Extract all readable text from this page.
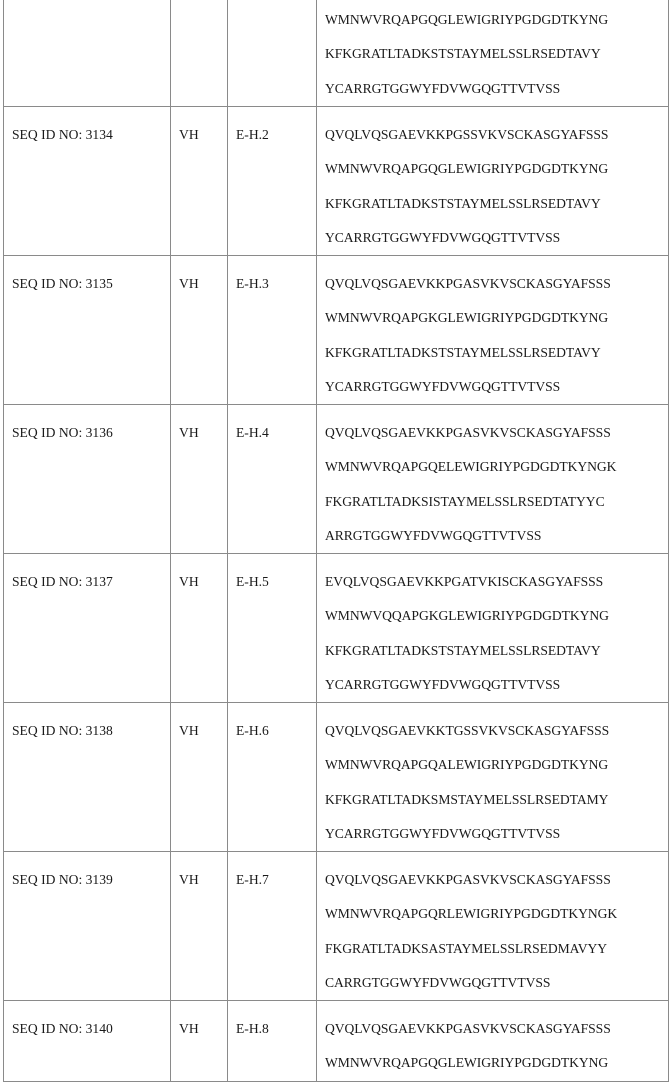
			WMNWVRQAPGQGLEWIGRIYPGDGDTKYNG
KFKGRATLTADKSTSTAYMELSSLRSEDTAVY
YCARRGTGGWYFDVWGQGTTVTVSS

SEQ ID NO: 3134	VH	E-H.2	QVQLVQSGAEVKKPGSSVKVSCKASGYAFSSS
WMNWVRQAPGQGLEWIGRIYPGDGDTKYNG
KFKGRATLTADKSTSTAYMELSSLRSEDTAVY
YCARRGTGGWYFDVWGQGTTVTVSS

SEQ ID NO: 3135	VH	E-H.3	QVQLVQSGAEVKKPGASVKVSCKASGYAFSSS
WMNWVRQAPGKGLEWIGRIYPGDGDTKYNG
KFKGRATLTADKSTSTAYMELSSLRSEDTAVY
YCARRGTGGWYFDVWGQGTTVTVSS

SEQ ID NO: 3136	VH	E-H.4	QVQLVQSGAEVKKPGASVKVSCKASGYAFSSS
WMNWVRQAPGQELEWIGRIYPGDGDTKYNGK
FKGRATLTADKSISTAYMELSSLRSEDTATYYC
ARRGTGGWYFDVWGQGTTVTVSS

SEQ ID NO: 3137	VH	E-H.5	EVQLVQSGAEVKKPGATVKISCKASGYAFSSS
WMNWVQQAPGKGLEWIGRIYPGDGDTKYNG
KFKGRATLTADKSTSTAYMELSSLRSEDTAVY
YCARRGTGGWYFDVWGQGTTVTVSS

SEQ ID NO: 3138	VH	E-H.6	QVQLVQSGAEVKKTGSSVKVSCKASGYAFSSS
WMNWVRQAPGQALEWIGRIYPGDGDTKYNG
KFKGRATLTADKSMSTAYMELSSLRSEDTAMY
YCARRGTGGWYFDVWGQGTTVTVSS

SEQ ID NO: 3139	VH	E-H.7	QVQLVQSGAEVKKPGASVKVSCKASGYAFSSS
WMNWVRQAPGQRLEWIGRIYPGDGDTKYNGK
FKGRATLTADKSASTAYMELSSLRSEDMAVYY
CARRGTGGWYFDVWGQGTTVTVSS

SEQ ID NO: 3140	VH	E-H.8	QVQLVQSGAEVKKPGASVKVSCKASGYAFSSS
WMNWVRQAPGQGLEWIGRIYPGDGDTKYNG
